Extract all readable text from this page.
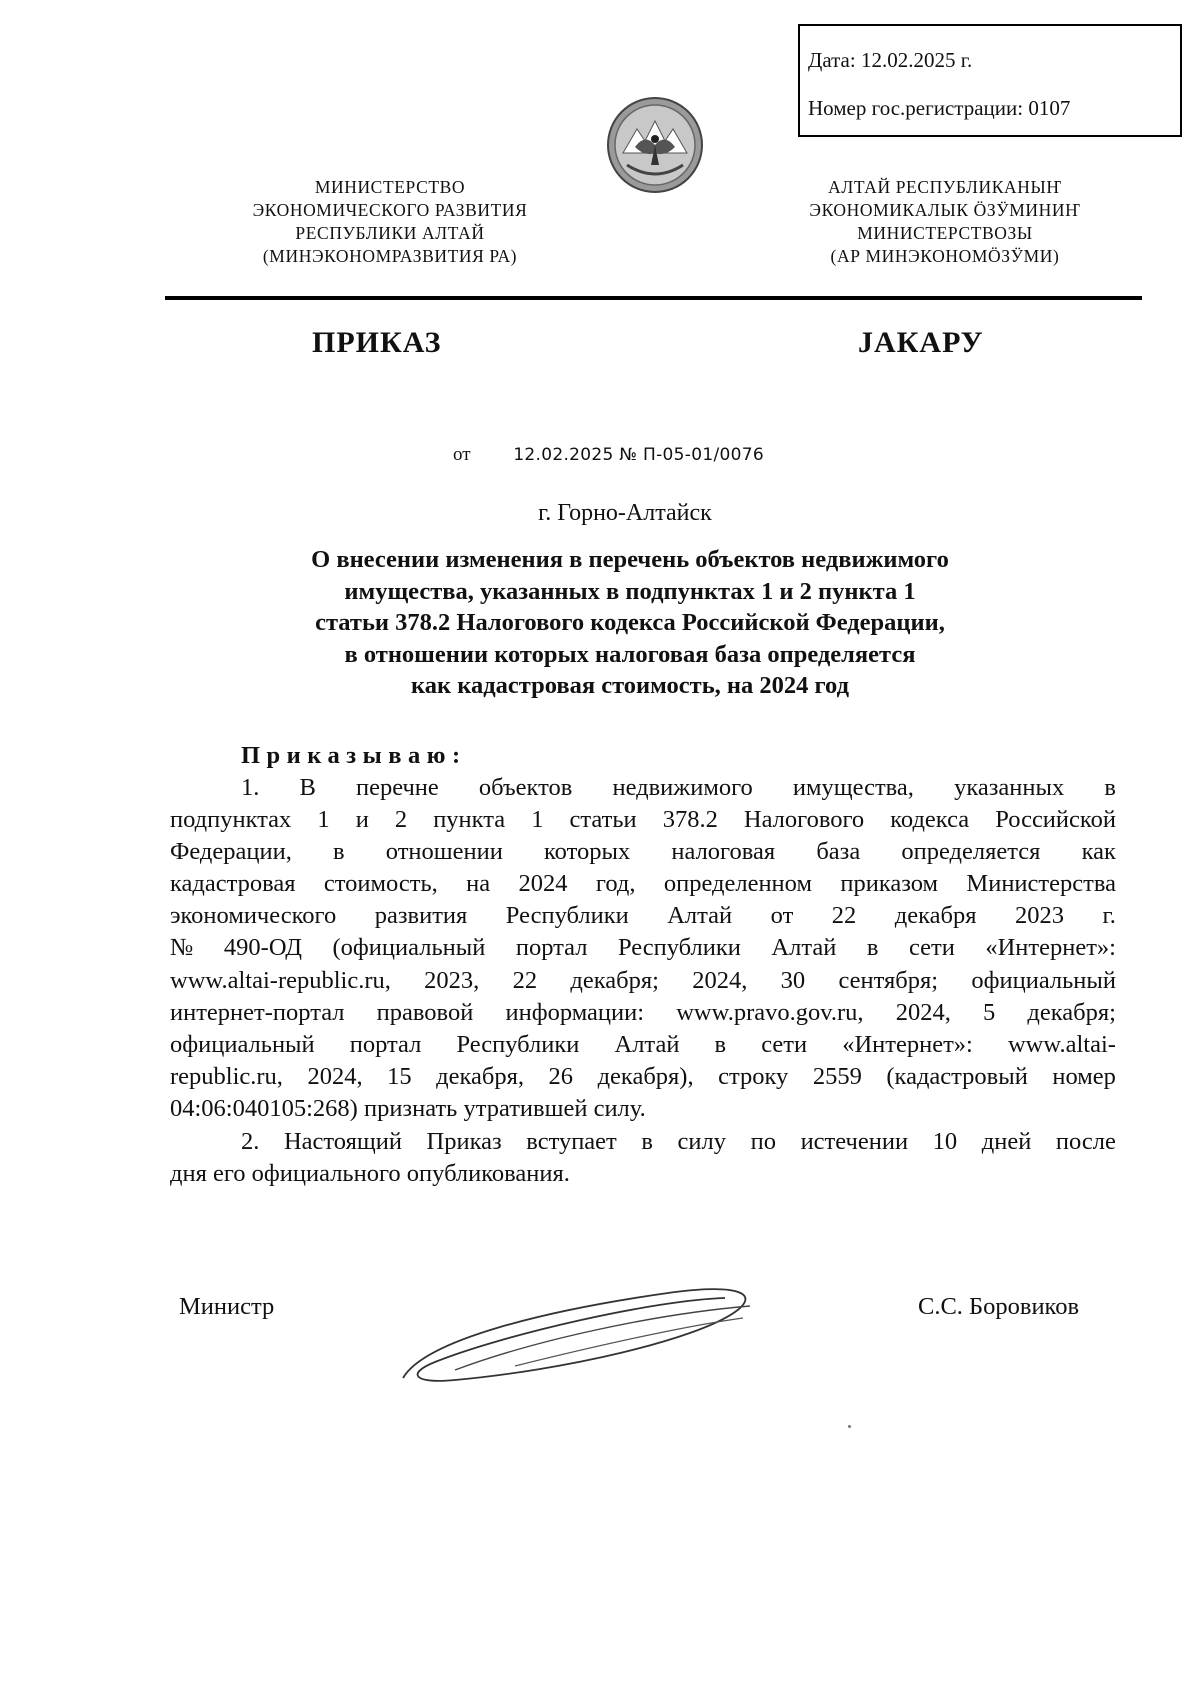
Дата: 12.02.2025 г.
Номер гос.регистрации: 0107
МИНИСТЕРСТВО
ЭКОНОМИЧЕСКОГО РАЗВИТИЯ
РЕСПУБЛИКИ АЛТАЙ
(МИНЭКОНОМРАЗВИТИЯ РА)
АЛТАЙ РЕСПУБЛИКАНЫҤ
ЭКОНОМИКАЛЫК ÖЗӰМИНИҤ
МИНИСТЕРСТВОЗЫ
(АР МИНЭКОНОМÖЗӰМИ)
ПРИКАЗ	ЈАКАРУ
от	12.02.2025 № П-05-01/0076
г. Горно-Алтайск
О внесении изменения в перечень объектов недвижимого
имущества, указанных в подпунктах 1 и 2 пункта 1
статьи 378.2 Налогового кодекса Российской Федерации,
в отношении которых налоговая база определяется
как кадастровая стоимость, на 2024 год
Приказываю:
1. В перечне объектов недвижимого имущества, указанных в
подпунктах 1 и 2 пункта 1 статьи 378.2 Налогового кодекса Российской
Федерации, в отношении которых налоговая база определяется как
кадастровая стоимость, на 2024 год, определенном приказом Министерства
экономического развития Республики Алтай от 22 декабря 2023 г.
№ 490-ОД (официальный портал Республики Алтай в сети «Интернет»:
www.altai-republic.ru, 2023, 22 декабря; 2024, 30 сентября; официальный
интернет-портал правовой информации: www.pravo.gov.ru, 2024, 5 декабря;
официальный портал Республики Алтай в сети «Интернет»: www.altai-
republic.ru, 2024, 15 декабря, 26 декабря), строку 2559 (кадастровый номер
04:06:040105:268) признать утратившей силу.
2. Настоящий Приказ вступает в силу по истечении 10 дней после
дня его официального опубликования.
Министр	С.С. Боровиков
